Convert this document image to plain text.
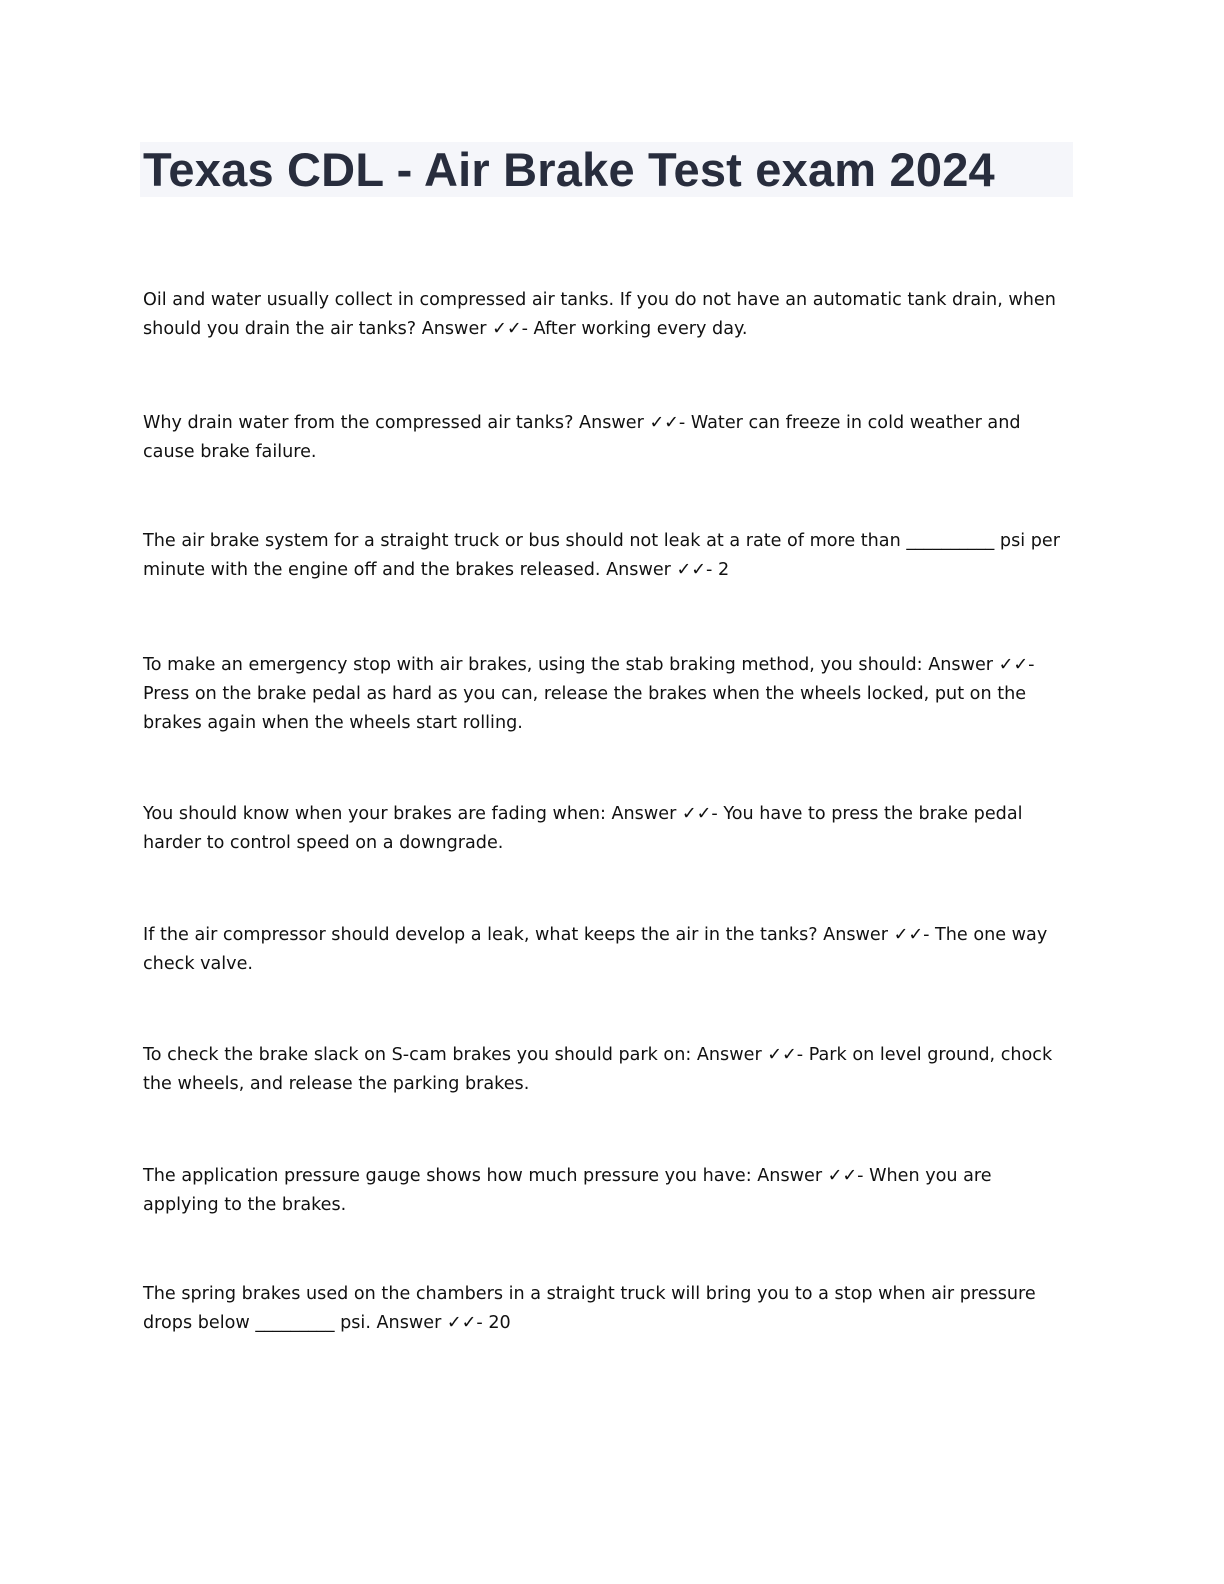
Texas CDL - Air Brake Test exam 2024

Oil and water usually collect in compressed air tanks. If you do not have an automatic tank drain, when should you drain the air tanks? Answer ✓✓- After working every day.

Why drain water from the compressed air tanks? Answer ✓✓- Water can freeze in cold weather and cause brake failure.

The air brake system for a straight truck or bus should not leak at a rate of more than __________ psi per minute with the engine off and the brakes released. Answer ✓✓- 2

To make an emergency stop with air brakes, using the stab braking method, you should: Answer ✓✓- Press on the brake pedal as hard as you can, release the brakes when the wheels locked, put on the brakes again when the wheels start rolling.

You should know when your brakes are fading when: Answer ✓✓- You have to press the brake pedal harder to control speed on a downgrade.

If the air compressor should develop a leak, what keeps the air in the tanks? Answer ✓✓- The one way check valve.

To check the brake slack on S-cam brakes you should park on: Answer ✓✓- Park on level ground, chock the wheels, and release the parking brakes.

The application pressure gauge shows how much pressure you have: Answer ✓✓- When you are applying to the brakes.

The spring brakes used on the chambers in a straight truck will bring you to a stop when air pressure drops below _________ psi. Answer ✓✓- 20
